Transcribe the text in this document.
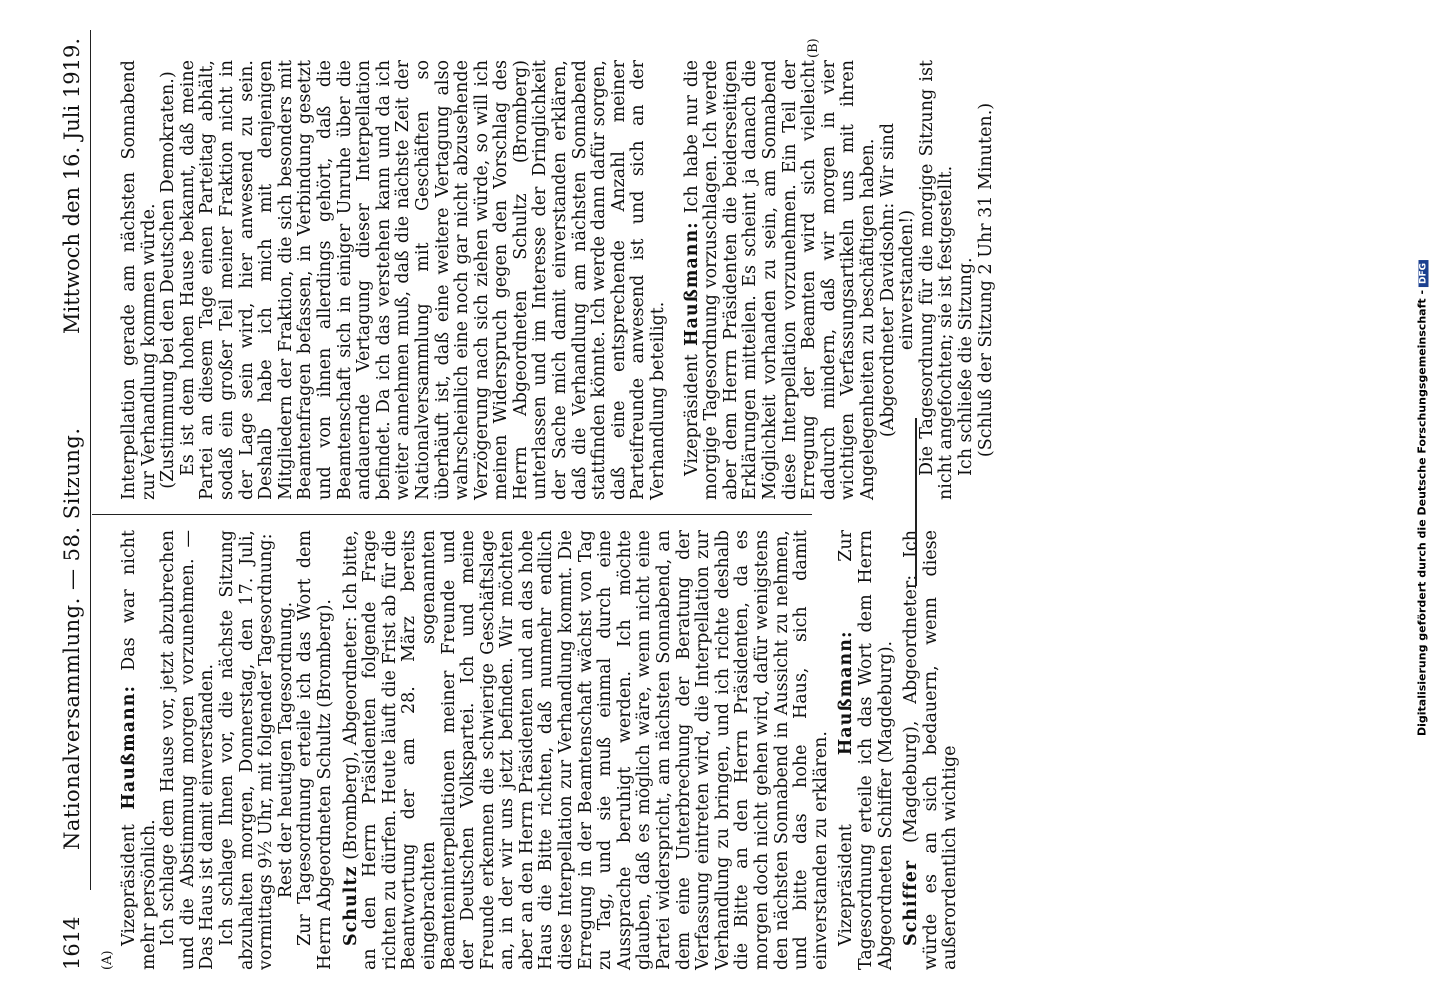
1614
Nationalversammlung. — 58. Sitzung.
Mittwoch den 16. Juli 1919.
(A)

Vizepräsident Haußmann: Das war nicht mehr persönlich. Ich schlage dem Hause vor, jetzt abzubrechen und die Abstimmung morgen vorzunehmen. — Das Haus ist damit einverstanden. Ich schlage Ihnen vor, die nächste Sitzung abzuhalten morgen, Donnerstag, den 17. Juli, vormittags 9½ Uhr, mit folgender Tagesordnung: Rest der heutigen Tagesordnung. Zur Tagesordnung erteile ich das Wort dem Herrn Abgeordneten Schultz (Bromberg). Schultz (Bromberg), Abgeordneter: Ich bitte, an den Herrn Präsidenten folgende Frage richten zu dürfen. Heute läuft die Frist ab für die Beantwortung der am 28. März bereits eingebrachten sogenannten Beamteninterpellationen meiner Freunde und der Deutschen Volkspartei. Ich und meine Freunde erkennen die schwierige Geschäftslage an, in der wir uns jetzt befinden. Wir möchten aber an den Herrn Präsidenten und an das hohe Haus die Bitte richten, daß nunmehr endlich diese Interpellation zur Verhandlung kommt. Die Erregung in der Beamtenschaft wächst von Tag zu Tag, und sie muß einmal durch eine Aussprache beruhigt werden. Ich möchte glauben, daß es möglich wäre, wenn nicht eine Partei widerspricht, am nächsten Sonnabend, an dem eine Unterbrechung der Beratung der Verfassung eintreten wird, die Interpellation zur Verhandlung zu bringen, und ich richte deshalb die Bitte an den Herrn Präsidenten, da es morgen doch nicht gehen wird, dafür wenigstens den nächsten Sonnabend in Aussicht zu nehmen, und bitte das hohe Haus, sich damit einverstanden zu erklären. Vizepräsident Haußmann: Zur Tagesordnung erteile ich das Wort dem Herrn Abgeordneten Schiffer (Magdeburg). Schiffer (Magdeburg), Abgeordneter: Ich würde es an sich bedauern, wenn diese außerordentlich wichtige

Interpellation gerade am nächsten Sonnabend zur Verhandlung kommen würde. (Zustimmung bei den Deutschen Demokraten.) Es ist dem hohen Hause bekannt, daß meine Partei an diesem Tage einen Parteitag abhält, sodaß ein großer Teil meiner Fraktion nicht in der Lage sein wird, hier anwesend zu sein. Deshalb habe ich mich mit denjenigen Mitgliedern der Fraktion, die sich besonders mit Beamtenfragen befassen, in Verbindung gesetzt und von ihnen allerdings gehört, daß die Beamtenschaft sich in einiger Unruhe über die andauernde Vertagung dieser Interpellation befindet. Da ich das verstehen kann und da ich weiter annehmen muß, daß die nächste Zeit der Nationalversammlung mit Geschäften so überhäuft ist, daß eine weitere Vertagung also wahrscheinlich eine noch gar nicht abzusehende Verzögerung nach sich ziehen würde, so will ich meinen Widerspruch gegen den Vorschlag des Herrn Abgeordneten Schultz (Bromberg) unterlassen und im Interesse der Dringlichkeit der Sache mich damit einverstanden erklären, daß die Verhandlung am nächsten Sonnabend stattfinden könnte. Ich werde dann dafür sorgen, daß eine entsprechende Anzahl meiner Parteifreunde anwesend ist und sich an der Verhandlung beteiligt. Vizepräsident Haußmann: Ich habe nur die morgige Tagesordnung vorzuschlagen. Ich werde aber dem Herrn Präsidenten die beiderseitigen Erklärungen mitteilen. Es scheint ja danach die Möglichkeit vorhanden zu sein, am Sonnabend diese Interpellation vorzunehmen. Ein Teil der Erregung der Beamten wird sich vielleicht dadurch mindern, daß wir morgen in vier wichtigen Verfassungsartikeln uns mit ihren Angelegenheiten zu beschäftigen haben. (Abgeordneter Davidsohn: Wir sind einverstanden!) Die Tagesordnung für die morgige Sitzung ist nicht angefochten; sie ist festgestellt. Ich schließe die Sitzung. (Schluß der Sitzung 2 Uhr 31 Minuten.)

(B)
Digitalisierung gefördert durch die Deutsche Forschungsgemeinschaft -DFG
